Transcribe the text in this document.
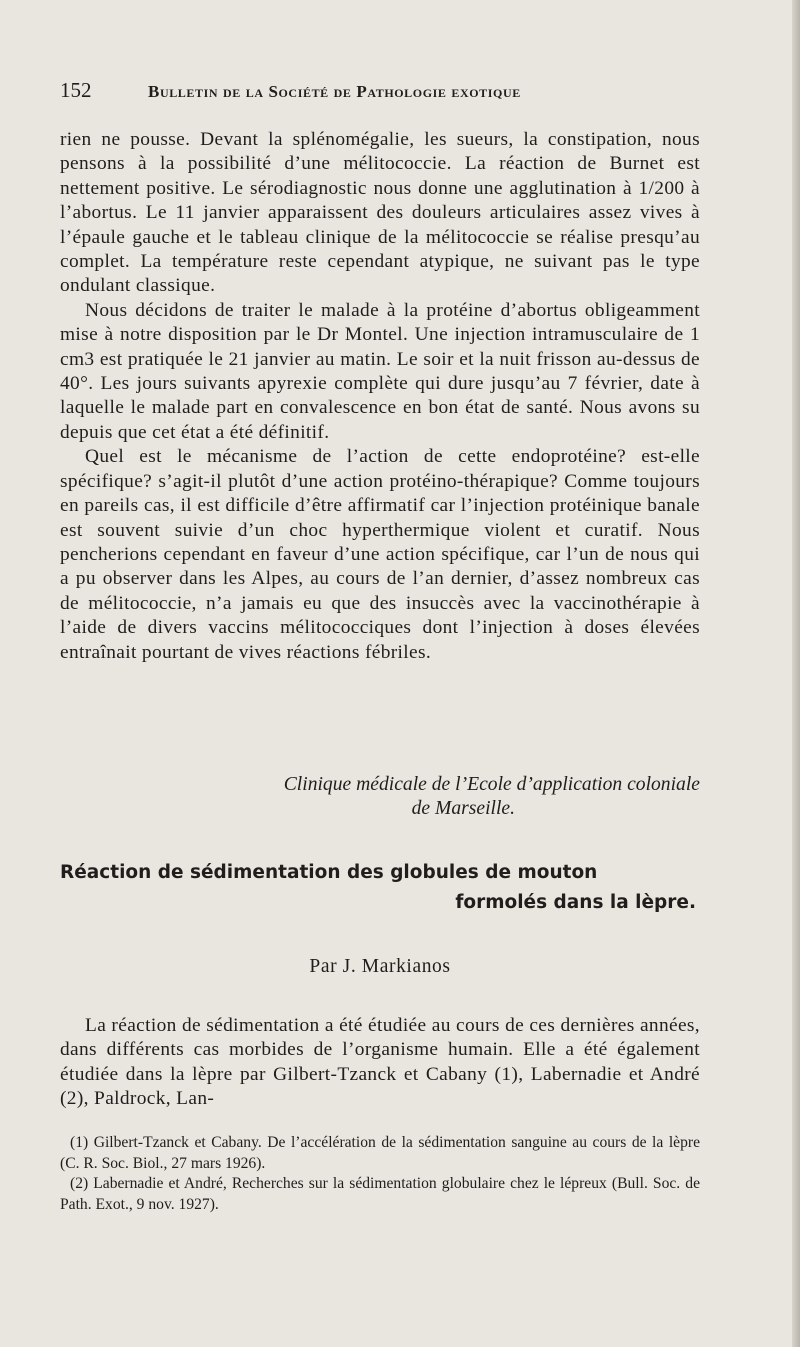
152	Bulletin de la Société de Pathologie exotique

rien ne pousse. Devant la splénomégalie, les sueurs, la constipation, nous pensons à la possibilité d’une mélitococcie. La réaction de Burnet est nettement positive. Le sérodiagnostic nous donne une agglutination à 1/200 à l’abortus. Le 11 janvier apparaissent des douleurs articulaires assez vives à l’épaule gauche et le tableau clinique de la mélitococcie se réalise presqu’au complet. La température reste cependant atypique, ne suivant pas le type ondulant classique.

Nous décidons de traiter le malade à la protéine d’abortus obligeamment mise à notre disposition par le Dr Montel. Une injection intramusculaire de 1 cm3 est pratiquée le 21 janvier au matin. Le soir et la nuit frisson au-dessus de 40°. Les jours suivants apyrexie complète qui dure jusqu’au 7 février, date à laquelle le malade part en convalescence en bon état de santé. Nous avons su depuis que cet état a été définitif.

Quel est le mécanisme de l’action de cette endoprotéine? est-elle spécifique? s’agit-il plutôt d’une action protéino-thérapique? Comme toujours en pareils cas, il est difficile d’être affirmatif car l’injection protéinique banale est souvent suivie d’un choc hyperthermique violent et curatif. Nous pencherions cependant en faveur d’une action spécifique, car l’un de nous qui a pu observer dans les Alpes, au cours de l’an dernier, d’assez nombreux cas de mélitococcie, n’a jamais eu que des insuccès avec la vaccinothérapie à l’aide de divers vaccins mélitococciques dont l’injection à doses élevées entraînait pourtant de vives réactions fébriles.

Clinique médicale de l’Ecole d’application coloniale
de Marseille.
Réaction de sédimentation des globules de mouton
formolés dans la lèpre.
Par J. Markianos

La réaction de sédimentation a été étudiée au cours de ces dernières années, dans différents cas morbides de l’organisme humain. Elle a été également étudiée dans la lèpre par Gilbert-Tzanck et Cabany (1), Labernadie et André (2), Paldrock, Lan-

(1) Gilbert-Tzanck et Cabany. De l’accélération de la sédimentation sanguine au cours de la lèpre (C. R. Soc. Biol., 27 mars 1926).

(2) Labernadie et André, Recherches sur la sédimentation globulaire chez le lépreux (Bull. Soc. de Path. Exot., 9 nov. 1927).
